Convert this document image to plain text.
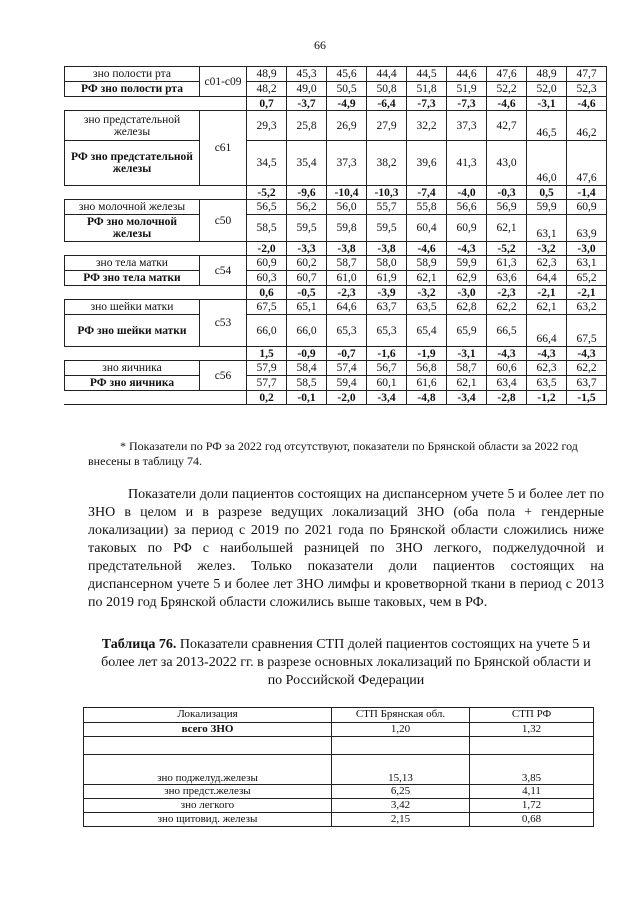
66
зно полости рта	c01-c09	48,9	45,3	45,6	44,4	44,5	44,6	47,6	48,9	47,7
РФ зно полости рта		48,2	49,0	50,5	50,8	51,8	51,9	52,2	52,0	52,3
		0,7	-3,7	-4,9	-6,4	-7,3	-7,3	-4,6	-3,1	-4,6
зно предстательной железы	c61	29,3	25,8	26,9	27,9	32,2	37,3	42,7	46,5	46,2
РФ зно предстательной железы		34,5	35,4	37,3	38,2	39,6	41,3	43,0	46,0	47,6
		-5,2	-9,6	-10,4	-10,3	-7,4	-4,0	-0,3	0,5	-1,4
зно молочной железы	c50	56,5	56,2	56,0	55,7	55,8	56,6	56,9	59,9	60,9
РФ зно молочной железы		58,5	59,5	59,8	59,5	60,4	60,9	62,1	63,1	63,9
		-2,0	-3,3	-3,8	-3,8	-4,6	-4,3	-5,2	-3,2	-3,0
зно тела матки	c54	60,9	60,2	58,7	58,0	58,9	59,9	61,3	62,3	63,1
РФ зно тела матки		60,3	60,7	61,0	61,9	62,1	62,9	63,6	64,4	65,2
		0,6	-0,5	-2,3	-3,9	-3,2	-3,0	-2,3	-2,1	-2,1
зно шейки матки	c53	67,5	65,1	64,6	63,7	63,5	62,8	62,2	62,1	63,2
РФ зно шейки матки		66,0	66,0	65,3	65,3	65,4	65,9	66,5	66,4	67,5
		1,5	-0,9	-0,7	-1,6	-1,9	-3,1	-4,3	-4,3	-4,3
зно яичника	c56	57,9	58,4	57,4	56,7	56,8	58,7	60,6	62,3	62,2
РФ зно яичника		57,7	58,5	59,4	60,1	61,6	62,1	63,4	63,5	63,7
		0,2	-0,1	-2,0	-3,4	-4,8	-3,4	-2,8	-1,2	-1,5
* Показатели по РФ за 2022 год отсутствуют, показатели по Брянской области за 2022 год внесены в таблицу 74.
Показатели доли пациентов состоящих на диспансерном учете 5 и более лет по ЗНО в целом и в разрезе ведущих локализаций ЗНО (оба пола + гендерные локализации) за период с 2019 по 2021 года по Брянской области сложились ниже таковых по РФ с наибольшей разницей по ЗНО легкого, поджелудочной и предстательной желез. Только показатели доли пациентов состоящих на диспансерном учете 5 и более лет ЗНО лимфы и кроветворной ткани в период с 2013 по 2019 год Брянской области сложились выше таковых, чем в РФ.
Таблица 76. Показатели сравнения СТП долей пациентов состоящих на учете 5 и более лет за 2013-2022 гг. в разрезе основных локализаций по Брянской области и по Российской Федерации
Локализация	СТП Брянская обл.	СТП РФ
всего ЗНО	1,20	1,32

зно поджелуд.железы	15,13	3,85
зно предст.железы	6,25	4,11
зно легкого	3,42	1,72
зно щитовид. железы	2,15	0,68
